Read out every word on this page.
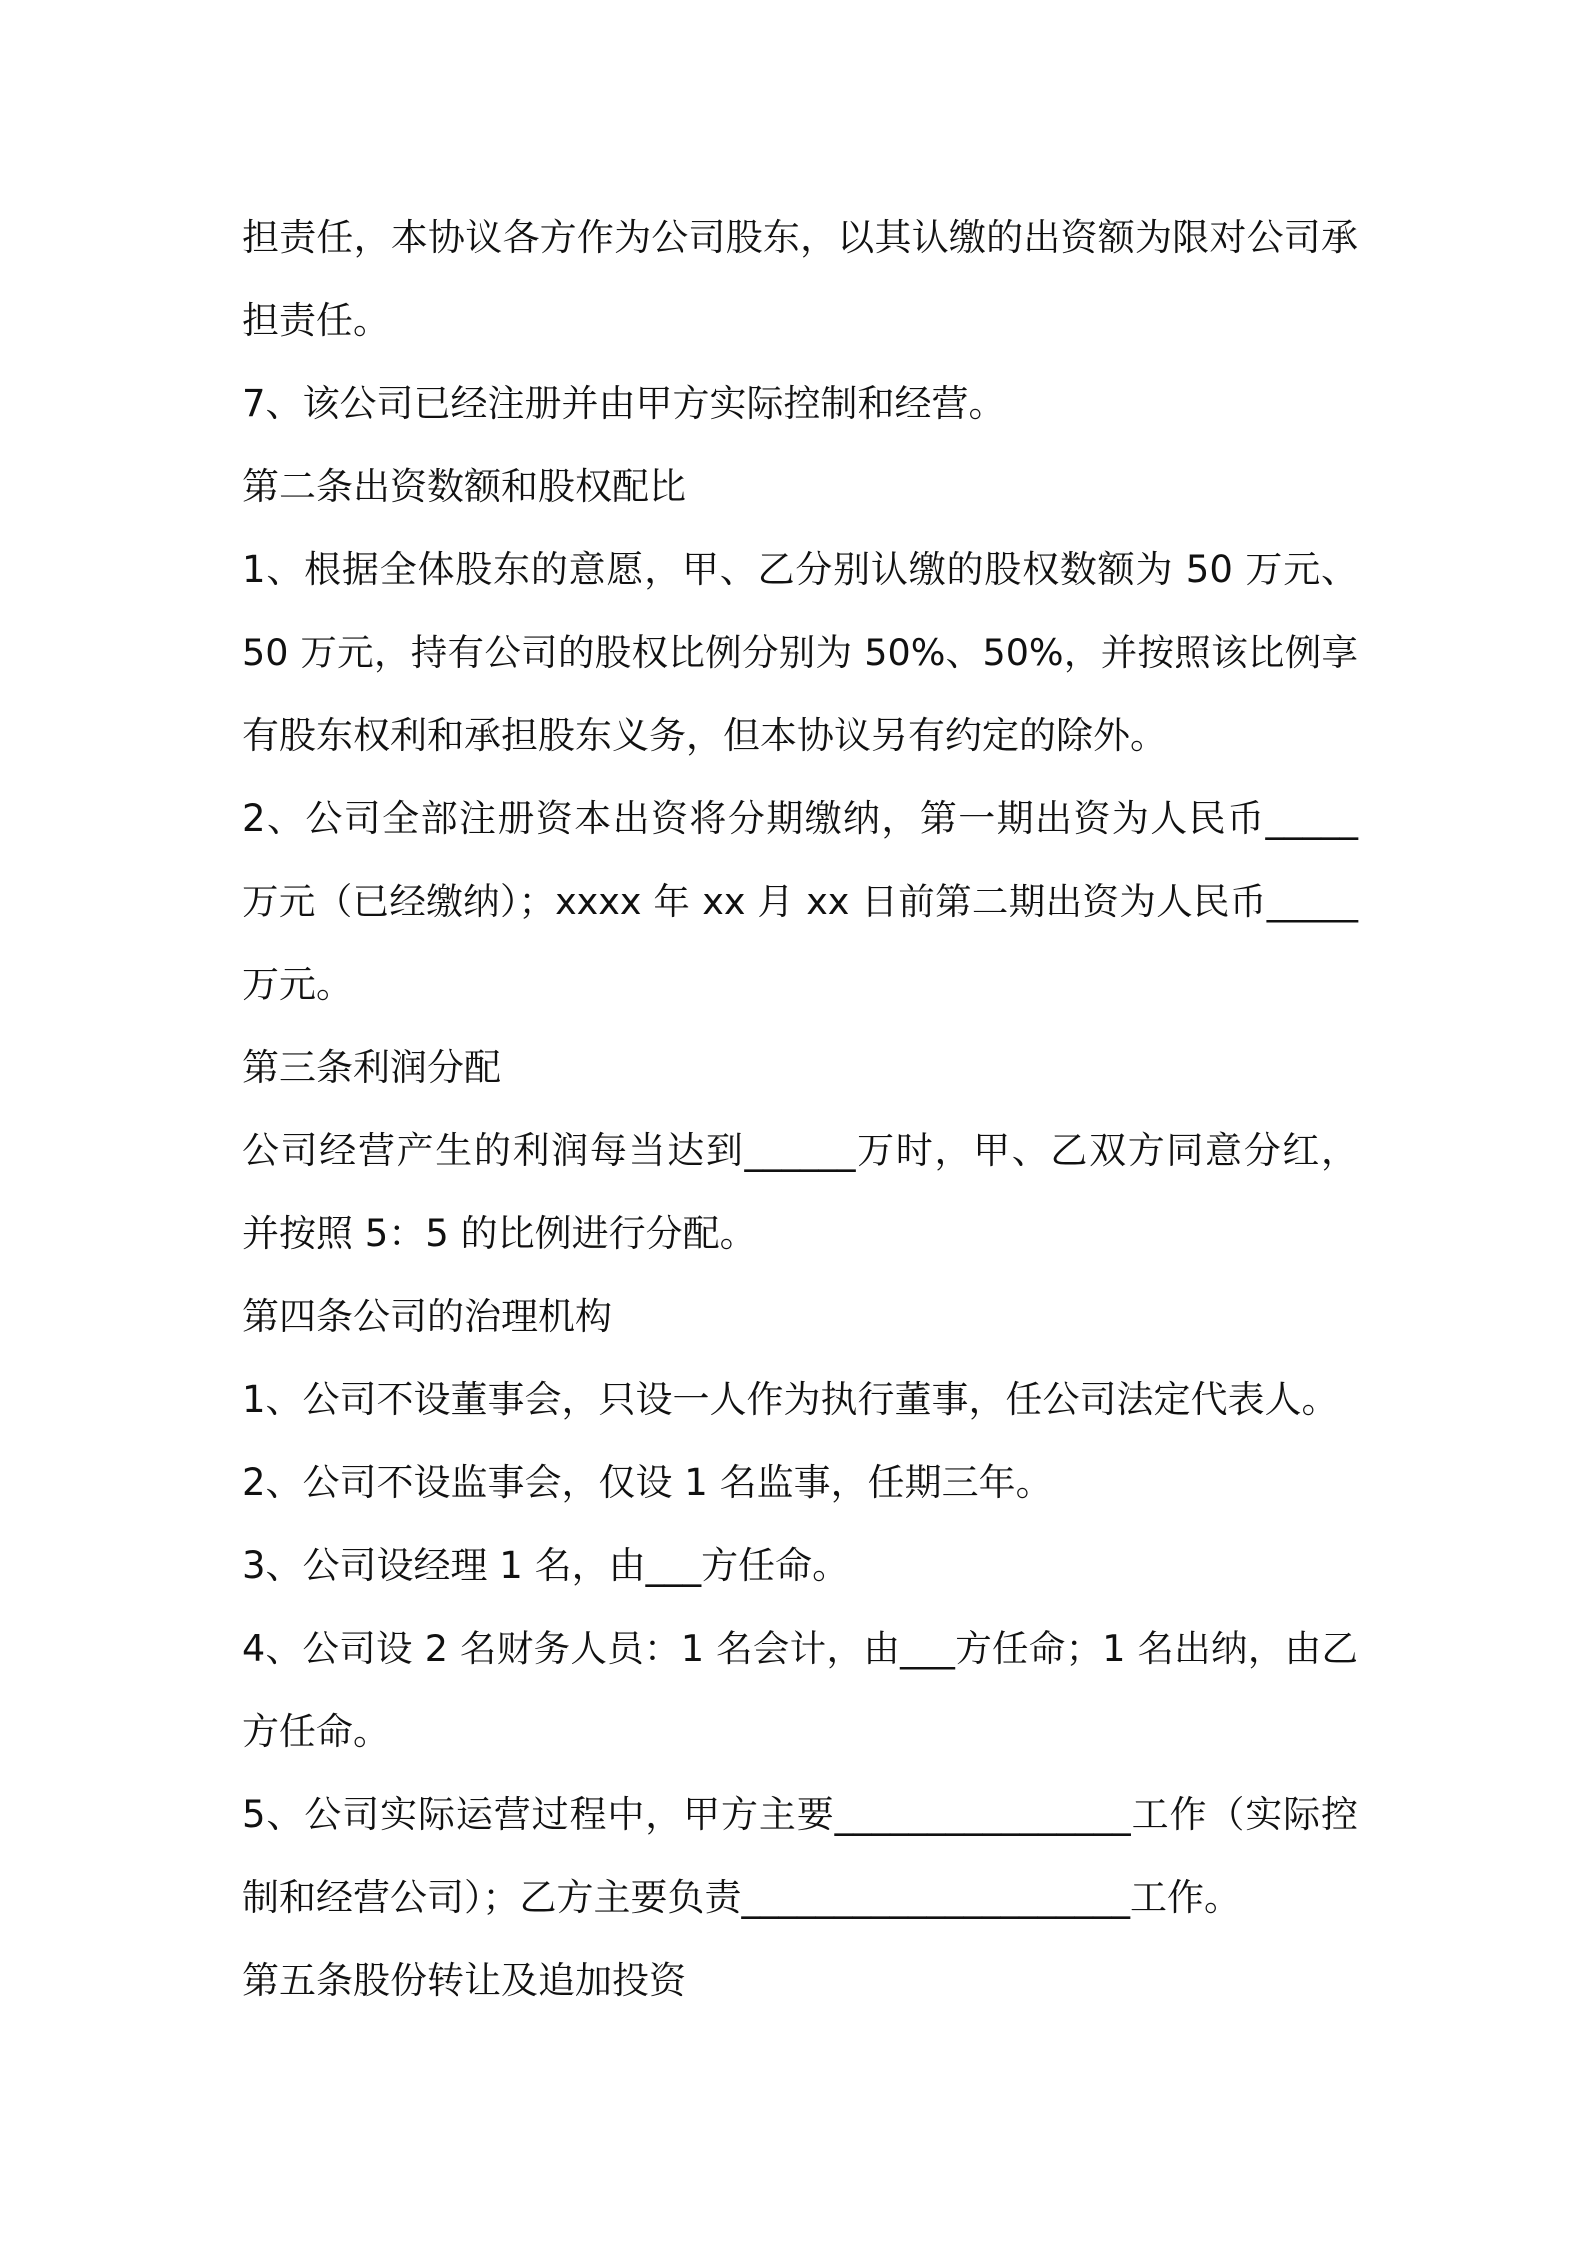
担责任，本协议各方作为公司股东，以其认缴的出资额为限对公司承
担责任。
7、该公司已经注册并由甲方实际控制和经营。
第二条出资数额和股权配比
1、根据全体股东的意愿，甲、乙分别认缴的股权数额为 50 万元、
50 万元，持有公司的股权比例分别为 50%、50%，并按照该比例享
有股东权利和承担股东义务，但本协议另有约定的除外。
2、公司全部注册资本出资将分期缴纳，第一期出资为人民币_____
万元（已经缴纳）；xxxx 年 xx 月 xx 日前第二期出资为人民币_____
万元。
第三条利润分配
公司经营产生的利润每当达到______万时，甲、乙双方同意分红，
并按照 5：5 的比例进行分配。
第四条公司的治理机构
1、公司不设董事会，只设一人作为执行董事，任公司法定代表人。
2、公司不设监事会，仅设 1 名监事，任期三年。
3、公司设经理 1 名，由___方任命。
4、公司设 2 名财务人员：1 名会计，由___方任命；1 名出纳，由乙
方任命。
5、公司实际运营过程中，甲方主要________________工作（实际控
制和经营公司）；乙方主要负责_____________________工作。
第五条股份转让及追加投资
